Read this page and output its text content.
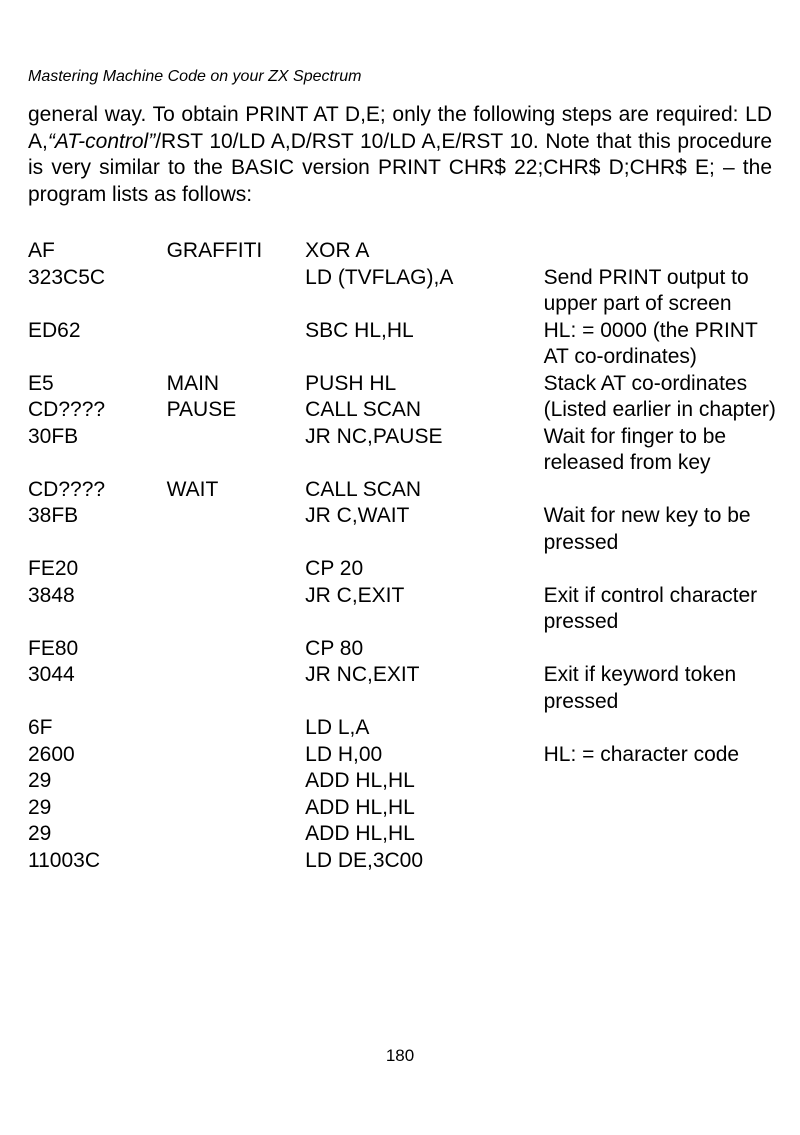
Mastering Machine Code on your ZX Spectrum

general way. To obtain PRINT AT D,E; only the following steps are required: LD A,“AT-control”/RST 10/LD A,D/RST 10/LD A,E/RST 10. Note that this procedure is very similar to the BASIC version PRINT CHR$ 22;CHR$ D;CHR$ E; – the program lists as follows:

AF	GRAFFITI	XOR A	
323C5C		LD (TVFLAG),A	Send PRINT output to upper part of screen
ED62		SBC HL,HL	HL: = 0000 (the PRINT AT co-ordinates)
E5	MAIN	PUSH HL	Stack AT co-ordinates
CD????	PAUSE	CALL SCAN	(Listed earlier in chapter)
30FB		JR NC,PAUSE	Wait for finger to be released from key
CD????	WAIT	CALL SCAN	
38FB		JR C,WAIT	Wait for new key to be pressed
FE20		CP 20	
3848		JR C,EXIT	Exit if control character pressed
FE80		CP 80	
3044		JR NC,EXIT	Exit if keyword token pressed
6F		LD L,A	
2600		LD H,00	HL: = character code
29		ADD HL,HL	
29		ADD HL,HL	
29		ADD HL,HL	
11003C		LD DE,3C00	
180
